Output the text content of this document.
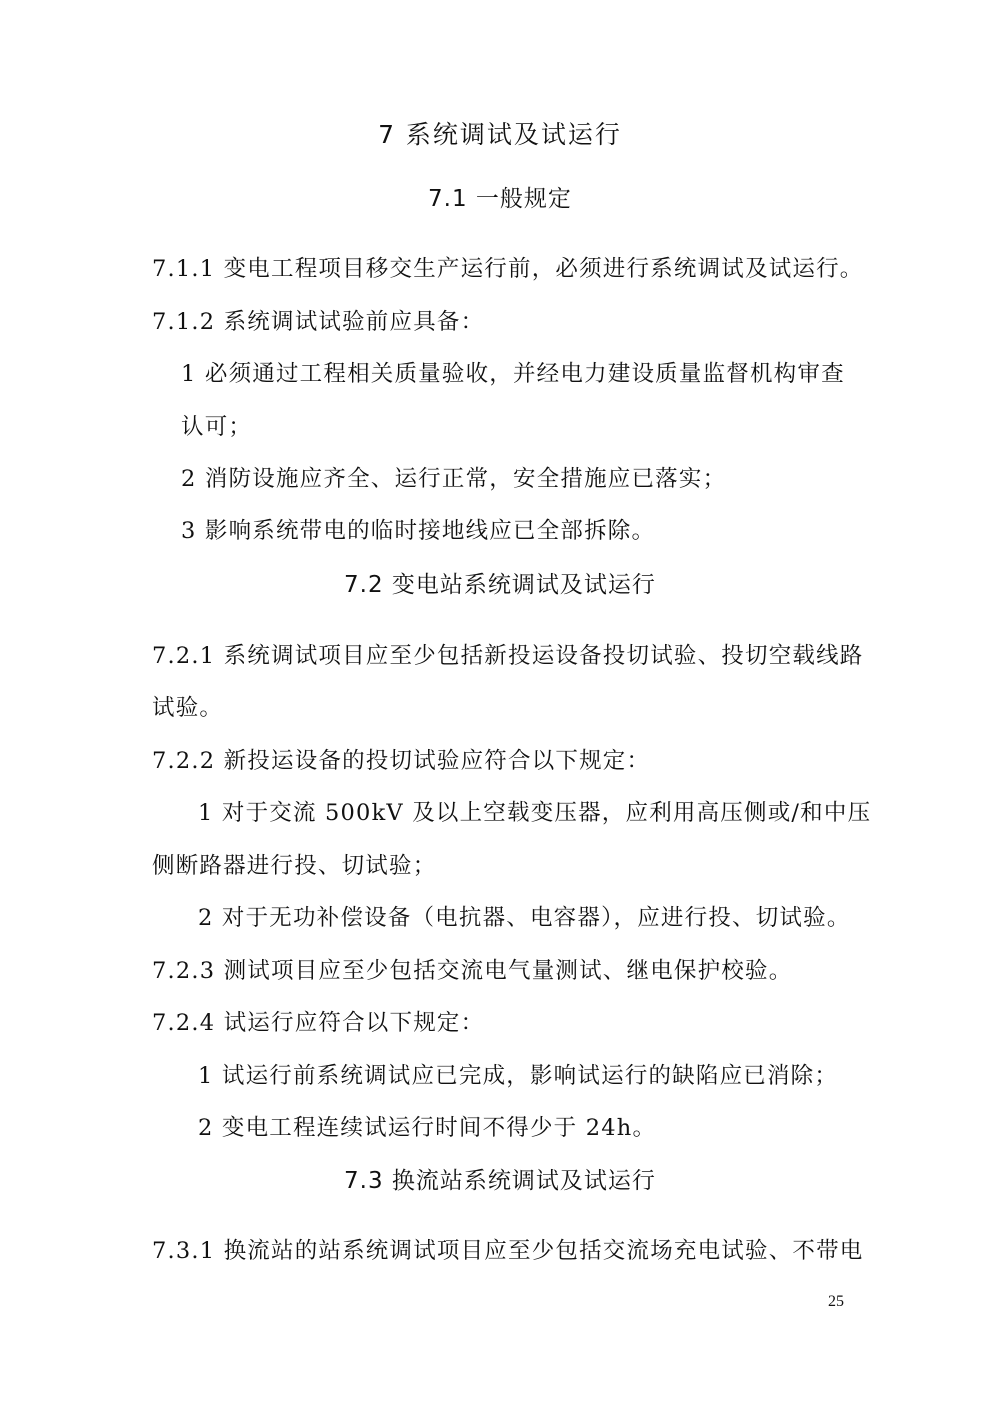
7 系统调试及试运行
7.1 一般规定
7.1.1 变电工程项目移交生产运行前，必须进行系统调试及试运行。
7.1.2 系统调试试验前应具备：
1 必须通过工程相关质量验收，并经电力建设质量监督机构审查
认可；
2 消防设施应齐全、运行正常，安全措施应已落实；
3 影响系统带电的临时接地线应已全部拆除。
7.2 变电站系统调试及试运行
7.2.1 系统调试项目应至少包括新投运设备投切试验、投切空载线路
试验。
7.2.2 新投运设备的投切试验应符合以下规定：
1 对于交流 500kV 及以上空载变压器，应利用高压侧或/和中压
侧断路器进行投、切试验；
2 对于无功补偿设备（电抗器、电容器），应进行投、切试验。
7.2.3 测试项目应至少包括交流电气量测试、继电保护校验。
7.2.4 试运行应符合以下规定：
1 试运行前系统调试应已完成，影响试运行的缺陷应已消除；
2 变电工程连续试运行时间不得少于 24h。
7.3 换流站系统调试及试运行
7.3.1 换流站的站系统调试项目应至少包括交流场充电试验、不带电
25
